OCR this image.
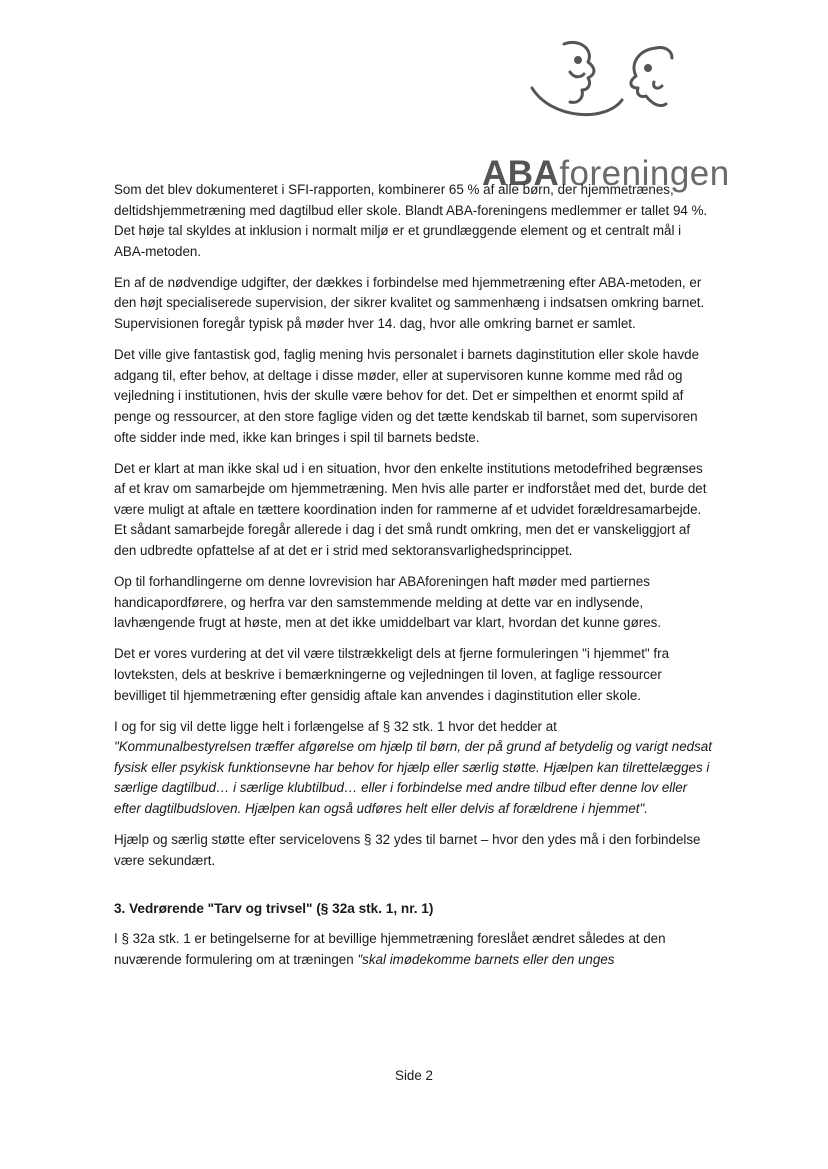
ABAforeningen

Som det blev dokumenteret i SFI-rapporten, kombinerer 65 % af alle børn, der hjemmetrænes, deltidshjemmetræning med dagtilbud eller skole. Blandt ABA-foreningens medlemmer er tallet 94 %. Det høje tal skyldes at inklusion i normalt miljø er et grundlæggende element og et centralt mål i ABA-metoden.

En af de nødvendige udgifter, der dækkes i forbindelse med hjemmetræning efter ABA-metoden, er den højt specialiserede supervision, der sikrer kvalitet og sammenhæng i indsatsen omkring barnet. Supervisionen foregår typisk på møder hver 14. dag, hvor alle omkring barnet er samlet.

Det ville give fantastisk god, faglig mening hvis personalet i barnets daginstitution eller skole havde adgang til, efter behov, at deltage i disse møder, eller at supervisoren kunne komme med råd og vejledning i institutionen, hvis der skulle være behov for det. Det er simpelthen et enormt spild af penge og ressourcer, at den store faglige viden og det tætte kendskab til barnet, som supervisoren ofte sidder inde med, ikke kan bringes i spil til barnets bedste.

Det er klart at man ikke skal ud i en situation, hvor den enkelte institutions metodefrihed begrænses af et krav om samarbejde om hjemmetræning. Men hvis alle parter er indforstået med det, burde det være muligt at aftale en tættere koordination inden for rammerne af et udvidet forældresamarbejde. Et sådant samarbejde foregår allerede i dag i det små rundt omkring, men det er vanskeliggjort af den udbredte opfattelse af at det er i strid med sektoransvarlighedsprincippet.

Op til forhandlingerne om denne lovrevision har ABAforeningen haft møder med partiernes handicapordførere, og herfra var den samstemmende melding at dette var en indlysende, lavhængende frugt at høste, men at det ikke umiddelbart var klart, hvordan det kunne gøres.

Det er vores vurdering at det vil være tilstrækkeligt dels at fjerne formuleringen "i hjemmet" fra lovteksten, dels at beskrive i bemærkningerne og vejledningen til loven, at faglige ressourcer bevilliget til hjemmetræning efter gensidig aftale kan anvendes i daginstitution eller skole.

I og for sig vil dette ligge helt i forlængelse af § 32 stk. 1 hvor det hedder at
"Kommunalbestyrelsen træffer afgørelse om hjælp til børn, der på grund af betydelig og varigt nedsat fysisk eller psykisk funktionsevne har behov for hjælp eller særlig støtte. Hjælpen kan tilrettelægges i særlige dagtilbud… i særlige klubtilbud… eller i forbindelse med andre tilbud efter denne lov eller efter dagtilbudsloven. Hjælpen kan også udføres helt eller delvis af forældrene i hjemmet".

Hjælp og særlig støtte efter servicelovens § 32 ydes til barnet – hvor den ydes må i den forbindelse være sekundært.

3. Vedrørende "Tarv og trivsel" (§ 32a stk. 1, nr. 1)

I § 32a stk. 1 er betingelserne for at bevillige hjemmetræning foreslået ændret således at den nuværende formulering om at træningen "skal imødekomme barnets eller den unges

Side 2
